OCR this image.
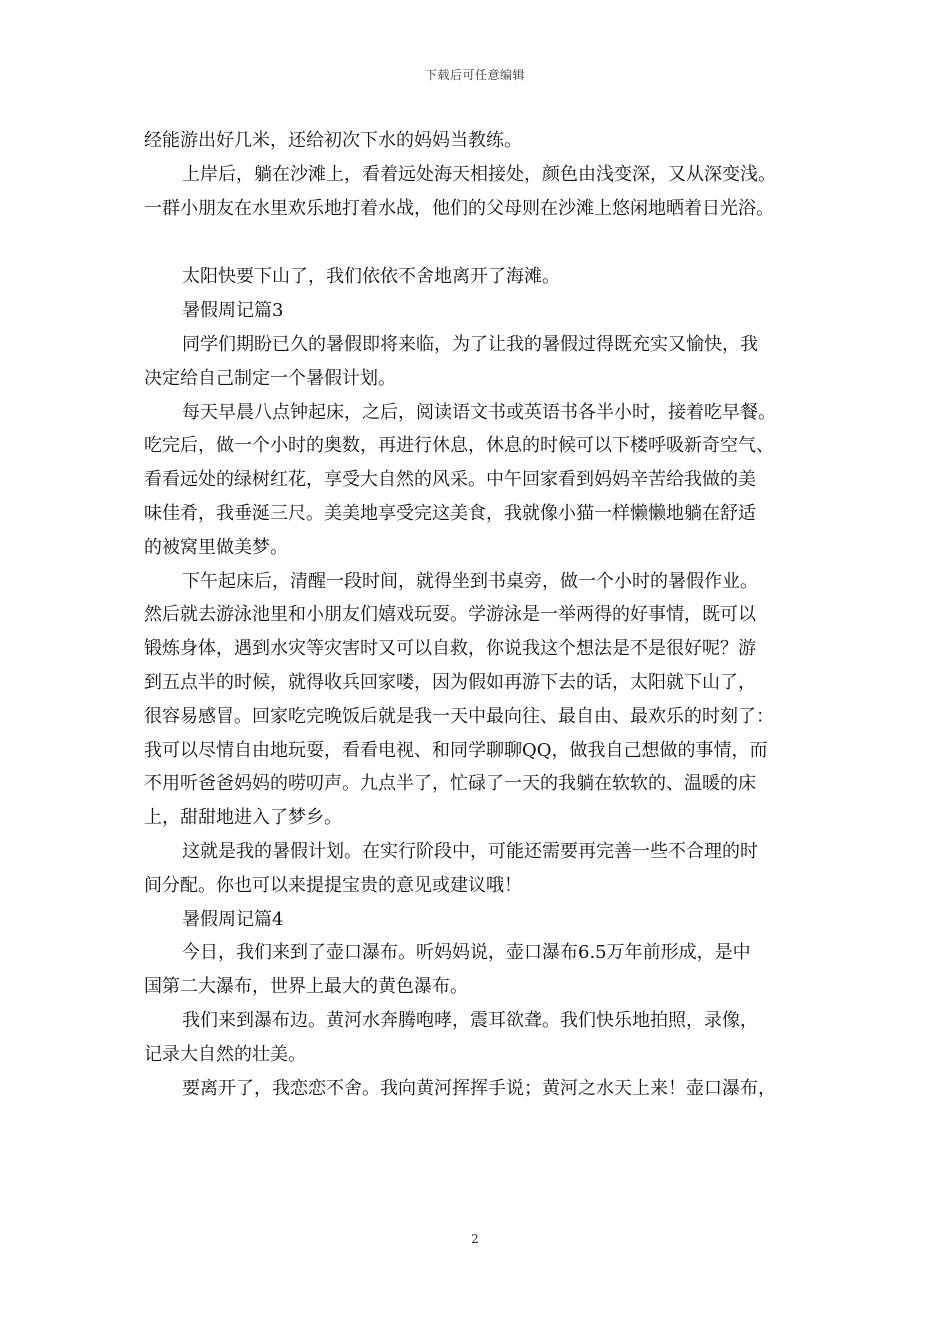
下载后可任意编辑
经能游出好几米，还给初次下水的妈妈当教练。
上岸后，躺在沙滩上，看着远处海天相接处，颜色由浅变深，又从深变浅。
一群小朋友在水里欢乐地打着水战，他们的父母则在沙滩上悠闲地晒着日光浴。
太阳快要下山了，我们依依不舍地离开了海滩。
暑假周记篇3
同学们期盼已久的暑假即将来临，为了让我的暑假过得既充实又愉快，我
决定给自己制定一个暑假计划。
每天早晨八点钟起床，之后，阅读语文书或英语书各半小时，接着吃早餐。
吃完后，做一个小时的奥数，再进行休息，休息的时候可以下楼呼吸新奇空气、
看看远处的绿树红花，享受大自然的风采。中午回家看到妈妈辛苦给我做的美
味佳肴，我垂涎三尺。美美地享受完这美食，我就像小猫一样懒懒地躺在舒适
的被窝里做美梦。
下午起床后，清醒一段时间，就得坐到书桌旁，做一个小时的暑假作业。
然后就去游泳池里和小朋友们嬉戏玩耍。学游泳是一举两得的好事情，既可以
锻炼身体，遇到水灾等灾害时又可以自救，你说我这个想法是不是很好呢？游
到五点半的时候，就得收兵回家喽，因为假如再游下去的话，太阳就下山了，
很容易感冒。回家吃完晚饭后就是我一天中最向往、最自由、最欢乐的时刻了：
我可以尽情自由地玩耍，看看电视、和同学聊聊QQ，做我自己想做的事情，而
不用听爸爸妈妈的唠叨声。九点半了，忙碌了一天的我躺在软软的、温暖的床
上，甜甜地进入了梦乡。
这就是我的暑假计划。在实行阶段中，可能还需要再完善一些不合理的时
间分配。你也可以来提提宝贵的意见或建议哦！
暑假周记篇4
今日，我们来到了壶口瀑布。听妈妈说，壶口瀑布6.5万年前形成，是中
国第二大瀑布，世界上最大的黄色瀑布。
我们来到瀑布边。黄河水奔腾咆哮，震耳欲聋。我们快乐地拍照，录像，
记录大自然的壮美。
要离开了，我恋恋不舍。我向黄河挥挥手说；黄河之水天上来！壶口瀑布，
2
